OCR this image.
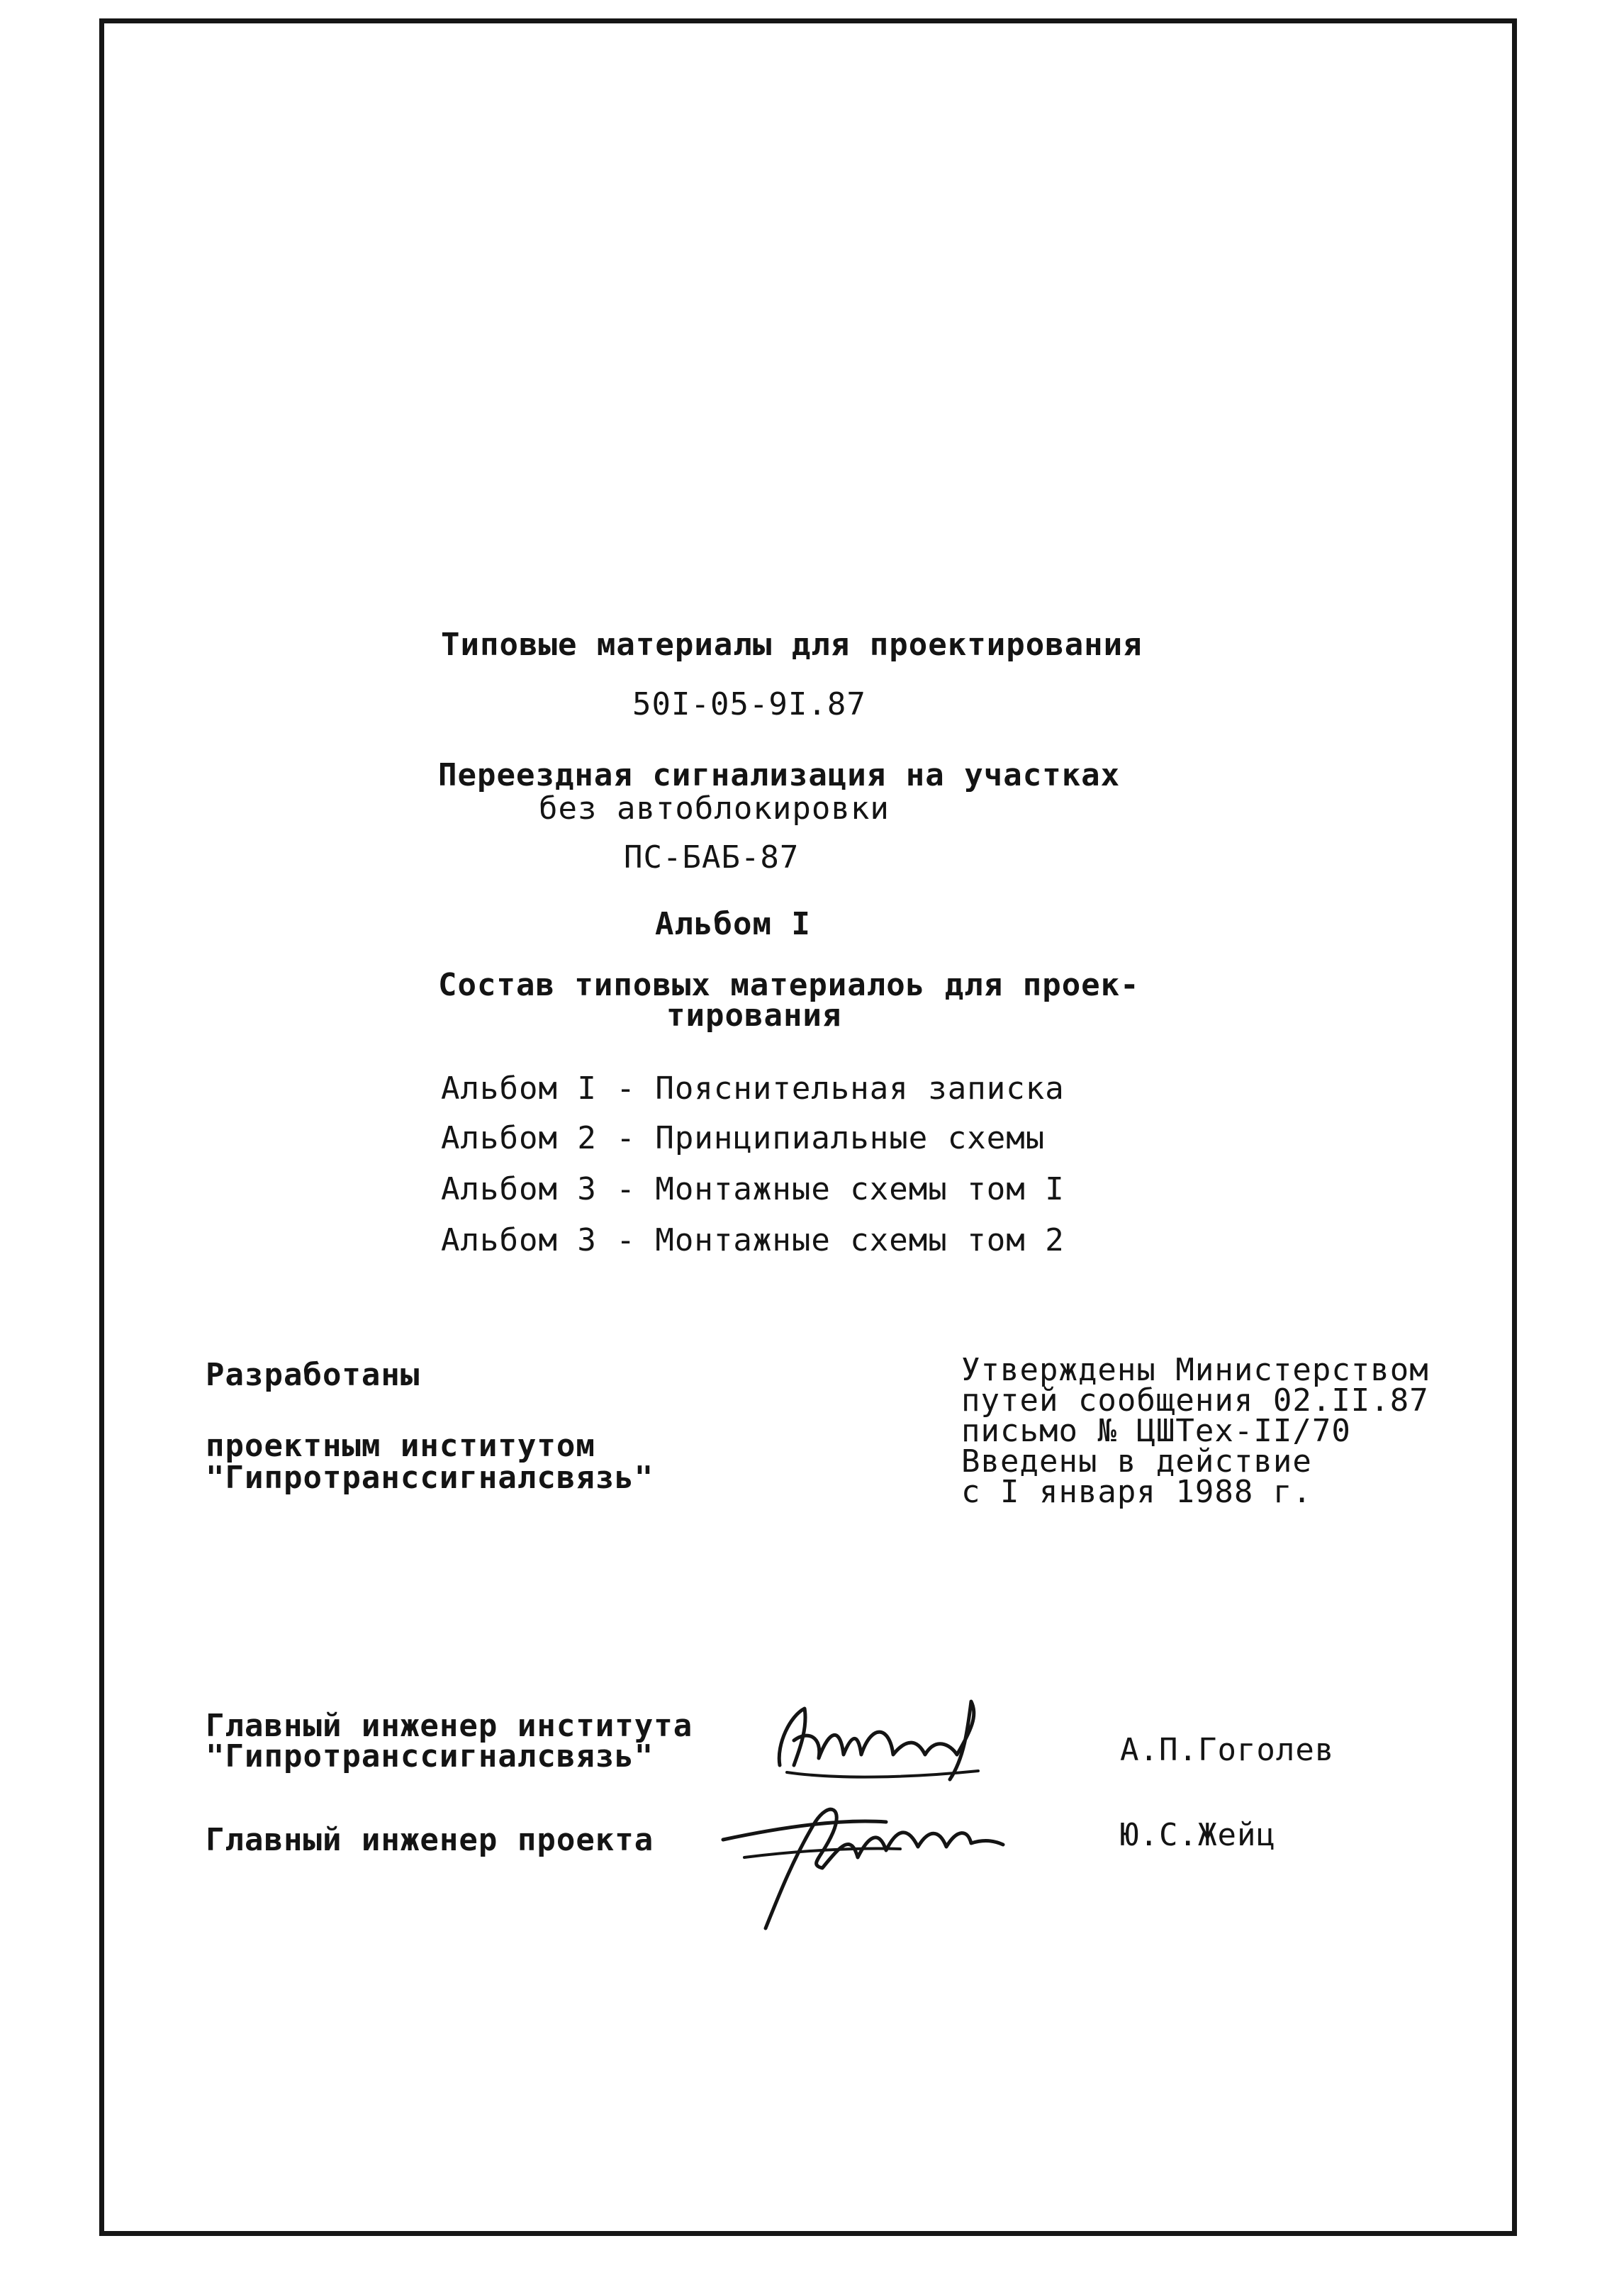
Типовые материалы для проектирования
50I-05-9I.87
Переездная сигнализация на участках
без автоблокировки
ПС-БАБ-87
Альбом I
Состав типовых материалоь для проек-
тирования
Альбом I - Пояснительная записка
Альбом 2 - Принципиальные схемы
Альбом 3 - Монтажные схемы том I
Альбом 3 - Монтажные схемы том 2
Разработаны
проектным институтом
"Гипротранссигналсвязь"
Утверждены Министерством
путей сообщения 02.II.87
письмо № ЦШТех-II/70
Введены в действие
с I января 1988 г.
Главный инженер института
"Гипротранссигналсвязь"	А.П.Гоголев
Главный инженер проекта	Ю.С.Жейц
